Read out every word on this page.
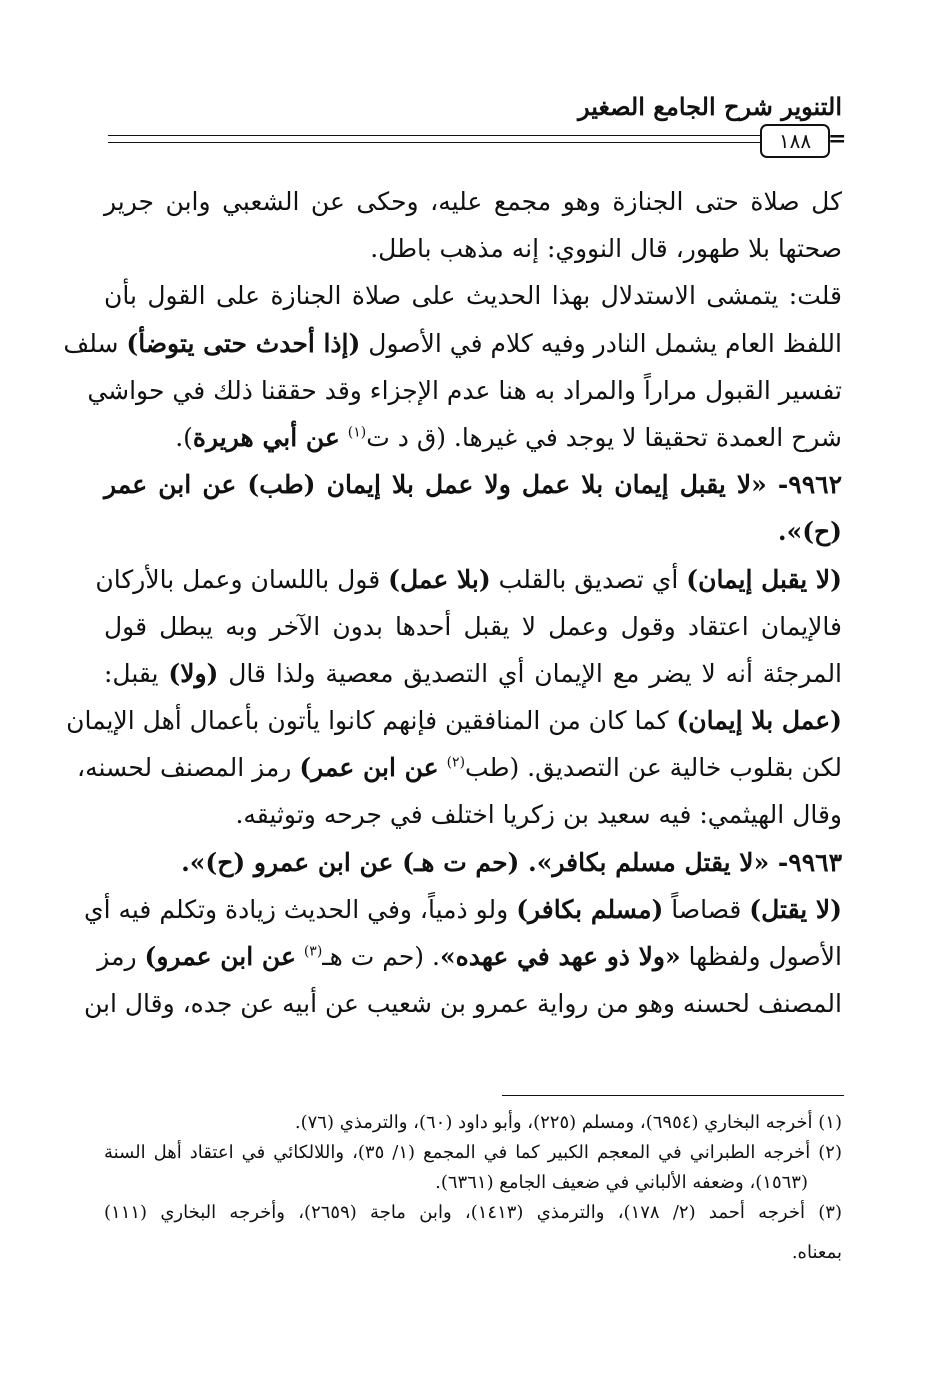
التنوير شرح الجامع الصغير
١٨٨ =
كل صلاة حتى الجنازة وهو مجمع عليه، وحكى عن الشعبي وابن جرير
صحتها بلا طهور، قال النووي: إنه مذهب باطل.
قلت: يتمشى الاستدلال بهذا الحديث على صلاة الجنازة على القول بأن
اللفظ العام يشمل النادر وفيه كلام في الأصول (إذا أحدث حتى يتوضأ) سلف
تفسير القبول مراراً والمراد به هنا عدم الإجزاء وقد حققنا ذلك في حواشي
شرح العمدة تحقيقا لا يوجد في غيرها. (ق د ت$^{(١)}$ عن أبي هريرة).
٩٩٦٢- «لا يقبل إيمان بلا عمل ولا عمل بلا إيمان (طب) عن ابن عمر
(ح)».
(لا يقبل إيمان) أي تصديق بالقلب (بلا عمل) قول باللسان وعمل بالأركان
فالإيمان اعتقاد وقول وعمل لا يقبل أحدها بدون الآخر وبه يبطل قول
المرجئة أنه لا يضر مع الإيمان أي التصديق معصية ولذا قال (ولا) يقبل:
(عمل بلا إيمان) كما كان من المنافقين فإنهم كانوا يأتون بأعمال أهل الإيمان
لكن بقلوب خالية عن التصديق. (طب$^{(٢)}$ عن ابن عمر) رمز المصنف لحسنه،
وقال الهيثمي: فيه سعيد بن زكريا اختلف في جرحه وتوثيقه.
٩٩٦٣- «لا يقتل مسلم بكافر». (حم ت هـ) عن ابن عمرو (ح)».
(لا يقتل) قصاصاً (مسلم بكافر) ولو ذمياً، وفي الحديث زيادة وتكلم فيه أي
الأصول ولفظها «ولا ذو عهد في عهده». (حم ت هـ$^{(٣)}$ عن ابن عمرو) رمز
المصنف لحسنه وهو من رواية عمرو بن شعيب عن أبيه عن جده، وقال ابن
(١) أخرجه البخاري (٦٩٥٤)، ومسلم (٢٢٥)، وأبو داود (٦٠)، والترمذي (٧٦).
(٢) أخرجه الطبراني في المعجم الكبير كما في المجمع (١/ ٣٥)، واللالكائي في اعتقاد أهل السنة
(١٥٦٣)، وضعفه الألباني في ضعيف الجامع (٦٣٦١).
(٣) أخرجه أحمد (٢/ ١٧٨)، والترمذي (١٤١٣)، وابن ماجة (٢٦٥٩)، وأخرجه البخاري (١١١)
بمعناه.
